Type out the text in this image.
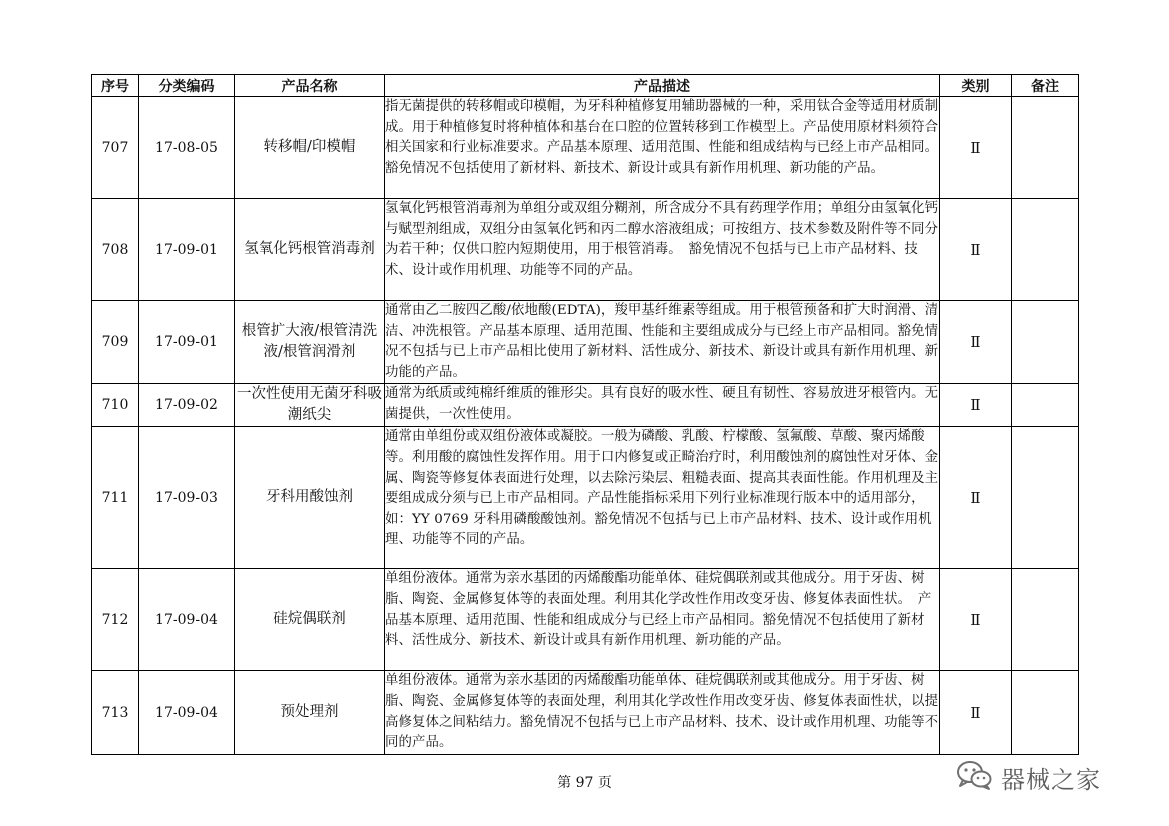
序号	分类编码	产品名称	产品描述	类别	备注
707	17-08-05	转移帽/印模帽	指无菌提供的转移帽或印模帽，为牙科种植修复用辅助器械的一种，采用钛合金等适用材质制成。用于种植修复时将种植体和基台在口腔的位置转移到工作模型上。产品使用原材料须符合相关国家和行业标准要求。产品基本原理、适用范围、性能和组成结构与已经上市产品相同。豁免情况不包括使用了新材料、新技术、新设计或具有新作用机理、新功能的产品。	Ⅱ	
708	17-09-01	氢氧化钙根管消毒剂	氢氧化钙根管消毒剂为单组分或双组分糊剂，所含成分不具有药理学作用；单组分由氢氧化钙与赋型剂组成，双组分由氢氧化钙和丙二醇水溶液组成；可按组方、技术参数及附件等不同分为若干种；仅供口腔内短期使用，用于根管消毒。　豁免情况不包括与已上市产品材料、技术、设计或作用机理、功能等不同的产品。	Ⅱ	
709	17-09-01	根管扩大液/根管清洗液/根管润滑剂	通常由乙二胺四乙酸/依地酸(EDTA)，羧甲基纤维素等组成。用于根管预备和扩大时润滑、清洁、冲洗根管。产品基本原理、适用范围、性能和主要组成成分与已经上市产品相同。豁免情况不包括与已上市产品相比使用了新材料、活性成分、新技术、新设计或具有新作用机理、新功能的产品。	Ⅱ	
710	17-09-02	一次性使用无菌牙科吸潮纸尖	通常为纸质或纯棉纤维质的锥形尖。具有良好的吸水性、硬且有韧性、容易放进牙根管内。无菌提供，一次性使用。	Ⅱ	
711	17-09-03	牙科用酸蚀剂	通常由单组份或双组份液体或凝胶。一般为磷酸、乳酸、柠檬酸、氢氟酸、草酸、聚丙烯酸等。利用酸的腐蚀性发挥作用。用于口内修复或正畸治疗时，利用酸蚀剂的腐蚀性对牙体、金属、陶瓷等修复体表面进行处理，以去除污染层、粗糙表面、提高其表面性能。作用机理及主要组成成分须与已上市产品相同。产品性能指标采用下列行业标准现行版本中的适用部分，如：YY 0769 牙科用磷酸酸蚀剂。豁免情况不包括与已上市产品材料、技术、设计或作用机理、功能等不同的产品。	Ⅱ	
712	17-09-04	硅烷偶联剂	单组份液体。通常为亲水基团的丙烯酸酯功能单体、硅烷偶联剂或其他成分。用于牙齿、树脂、陶瓷、金属修复体等的表面处理。利用其化学改性作用改变牙齿、修复体表面性状。　产品基本原理、适用范围、性能和组成成分与已经上市产品相同。豁免情况不包括使用了新材料、活性成分、新技术、新设计或具有新作用机理、新功能的产品。	Ⅱ	
713	17-09-04	预处理剂	单组份液体。通常为亲水基团的丙烯酸酯功能单体、硅烷偶联剂或其他成分。用于牙齿、树脂、陶瓷、金属修复体等的表面处理，利用其化学改性作用改变牙齿、修复体表面性状，以提高修复体之间粘结力。豁免情况不包括与已上市产品材料、技术、设计或作用机理、功能等不同的产品。	Ⅱ	
第 97 页	器械之家
